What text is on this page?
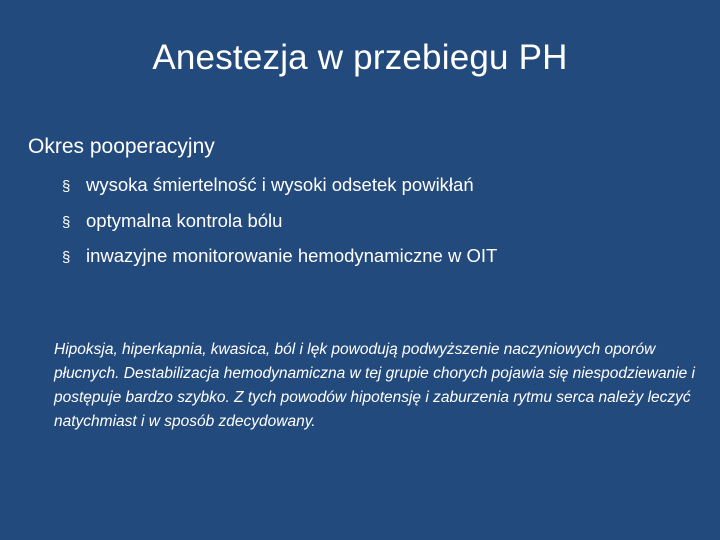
Anestezja w przebiegu PH
Okres pooperacyjny
§ wysoka śmiertelność i wysoki odsetek powikłań
§ optymalna kontrola bólu
§ inwazyjne monitorowanie hemodynamiczne w OIT

Hipoksja, hiperkapnia, kwasica, ból i lęk powodują podwyższenie naczyniowych oporów płucnych. Destabilizacja hemodynamiczna w tej grupie chorych pojawia się niespodziewanie i postępuje bardzo szybko. Z tych powodów hipotensję i zaburzenia rytmu serca należy leczyć natychmiast i w sposób zdecydowany.
